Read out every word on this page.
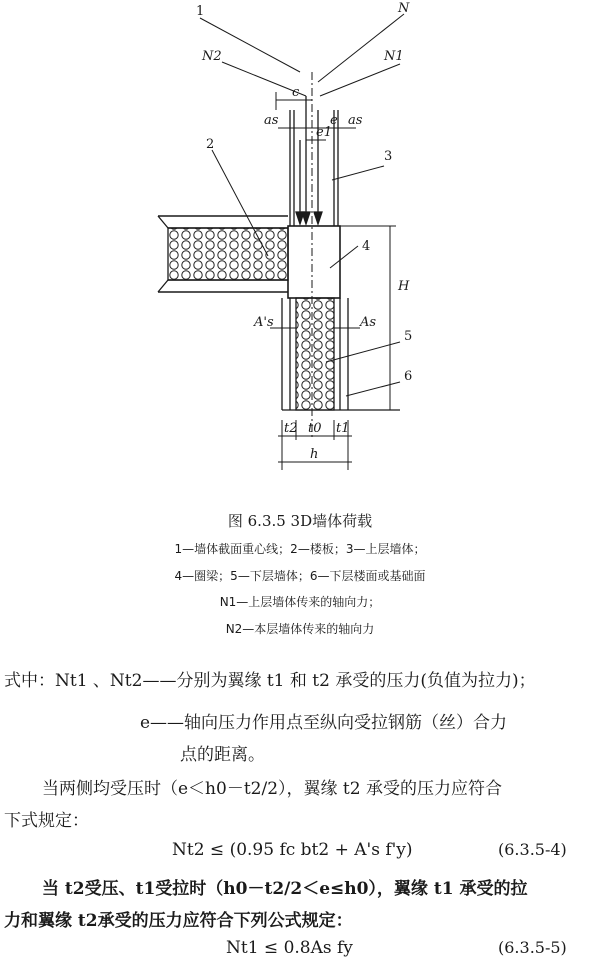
1	N
N2	N1
c
as	e as
e1
2
3
4
H
A's	As
5
6
t2 t0 t1
h
图 6.3.5 3D墙体荷载
1—墙体截面重心线；2—楼板；3—上层墙体；
4—圈梁；5—下层墙体；6—下层楼面或基础面
N1—上层墙体传来的轴向力；
N2—本层墙体传来的轴向力
式中：Nt1 、Nt2——分别为翼缘 t1 和 t2 承受的压力(负值为拉力)；
e——轴向压力作用点至纵向受拉钢筋（丝）合力
点的距离。
当两侧均受压时（e＜h0－t2/2），翼缘 t2 承受的压力应符合
下式规定：
Nt2 ≤ (0.95 fc bt2 + A's f'y)	(6.3.5-4)
当 t2受压、t1受拉时（h0－t2/2＜e≤h0），翼缘 t1 承受的拉
力和翼缘 t2承受的压力应符合下列公式规定：
Nt1 ≤ 0.8As fy	(6.3.5-5)
